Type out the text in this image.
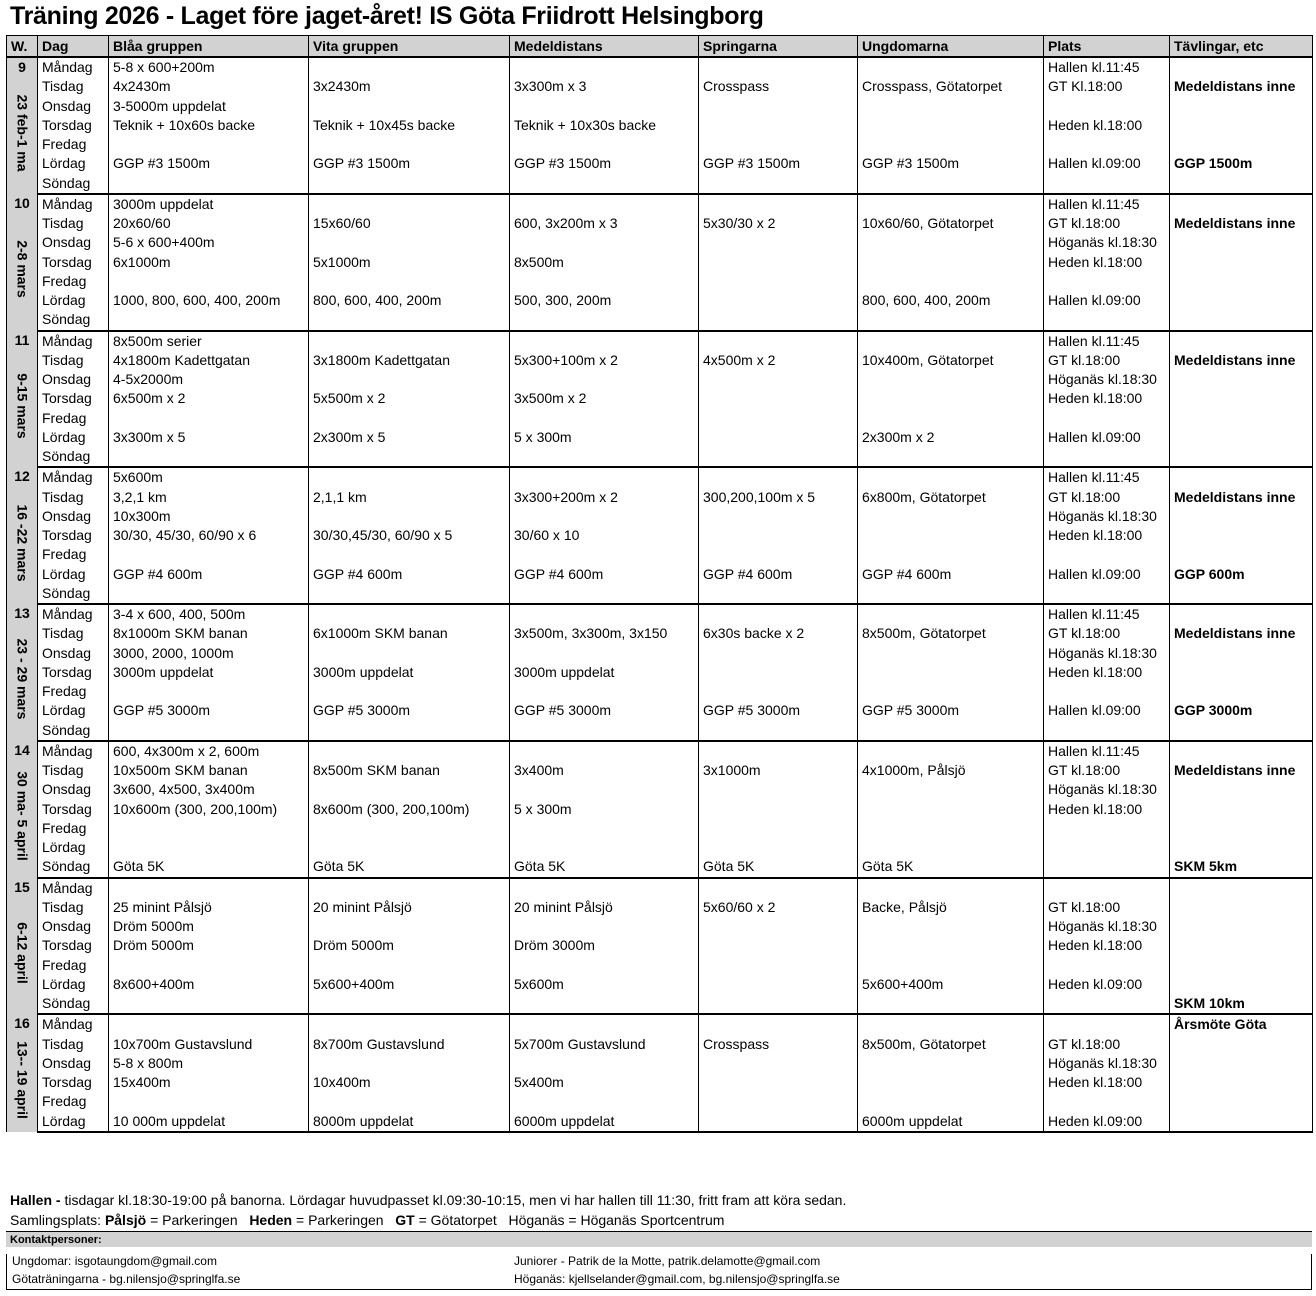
Träning 2026 - Laget före jaget-året! IS Göta Friidrott Helsingborg
W.	Dag	Blåa gruppen	Vita gruppen	Medeldistans	Springarna	Ungdomarna	Plats	Tävlingar, etc

9
23 feb-1 ma	Måndag	5-8 x 600+200m					Hallen kl.11:45	
	Tisdag	4x2430m	3x2430m	3x300m x 3	Crosspass	Crosspass, Götatorpet	GT Kl.18:00	Medeldistans inne
	Onsdag	3-5000m uppdelat						
	Torsdag	Teknik + 10x60s backe	Teknik + 10x45s backe	Teknik + 10x30s backe			Heden kl.18:00	
	Fredag							
	Lördag	GGP #3 1500m	GGP #3 1500m	GGP #3 1500m	GGP #3 1500m	GGP #3 1500m	Hallen kl.09:00	GGP 1500m
	Söndag							

10
2-8 mars	Måndag	3000m uppdelat					Hallen kl.11:45	
	Tisdag	20x60/60	15x60/60	600, 3x200m x 3	5x30/30 x 2	10x60/60, Götatorpet	GT kl.18:00	Medeldistans inne
	Onsdag	5-6 x 600+400m					Höganäs kl.18:30	
	Torsdag	6x1000m	5x1000m	8x500m			Heden kl.18:00	
	Fredag							
	Lördag	1000, 800, 600, 400, 200m	800, 600, 400, 200m	500, 300, 200m		800, 600, 400, 200m	Hallen kl.09:00	
	Söndag							

11
9-15 mars	Måndag	8x500m serier					Hallen kl.11:45	
	Tisdag	4x1800m Kadettgatan	3x1800m Kadettgatan	5x300+100m x 2	4x500m x 2	10x400m, Götatorpet	GT kl.18:00	Medeldistans inne
	Onsdag	4-5x2000m					Höganäs kl.18:30	
	Torsdag	6x500m x 2	5x500m x 2	3x500m x 2			Heden kl.18:00	
	Fredag							
	Lördag	3x300m x 5	2x300m x 5	5 x 300m		2x300m x 2	Hallen kl.09:00	
	Söndag							

12
16 -22 mars	Måndag	5x600m					Hallen kl.11:45	
	Tisdag	3,2,1 km	2,1,1 km	3x300+200m x 2	300,200,100m x 5	6x800m, Götatorpet	GT kl.18:00	Medeldistans inne
	Onsdag	10x300m					Höganäs kl.18:30	
	Torsdag	30/30, 45/30, 60/90 x 6	30/30,45/30, 60/90 x 5	30/60 x 10			Heden kl.18:00	
	Fredag							
	Lördag	GGP #4 600m	GGP #4 600m	GGP #4 600m	GGP #4 600m	GGP #4 600m	Hallen kl.09:00	GGP 600m
	Söndag							

13
23 - 29 mars	Måndag	3-4 x 600, 400, 500m					Hallen kl.11:45	
	Tisdag	8x1000m SKM banan	6x1000m SKM banan	3x500m, 3x300m, 3x150	6x30s backe x 2	8x500m, Götatorpet	GT kl.18:00	Medeldistans inne
	Onsdag	3000, 2000, 1000m					Höganäs kl.18:30	
	Torsdag	3000m uppdelat	3000m uppdelat	3000m uppdelat			Heden kl.18:00	
	Fredag							
	Lördag	GGP #5 3000m	GGP #5 3000m	GGP #5 3000m	GGP #5 3000m	GGP #5 3000m	Hallen kl.09:00	GGP 3000m
	Söndag							

14
30 ma- 5 april	Måndag	600, 4x300m x 2, 600m					Hallen kl.11:45	
	Tisdag	10x500m SKM banan	8x500m SKM banan	3x400m	3x1000m	4x1000m, Pålsjö	GT kl.18:00	Medeldistans inne
	Onsdag	3x600, 4x500, 3x400m					Höganäs kl.18:30	
	Torsdag	10x600m (300, 200,100m)	8x600m (300, 200,100m)	5 x 300m			Heden kl.18:00	
	Fredag							
	Lördag							
	Söndag	Göta 5K	Göta 5K	Göta 5K	Göta 5K	Göta 5K		SKM 5km

15
6-12 april	Måndag							
	Tisdag	25 minint Pålsjö	20 minint Pålsjö	20 minint Pålsjö	5x60/60 x 2	Backe, Pålsjö	GT kl.18:00	
	Onsdag	Dröm 5000m					Höganäs kl.18:30	
	Torsdag	Dröm 5000m	Dröm 5000m	Dröm 3000m			Heden kl.18:00	
	Fredag							
	Lördag	8x600+400m	5x600+400m	5x600m		5x600+400m	Heden kl.09:00	
	Söndag							SKM 10km

16
13-- 19 april	Måndag							Årsmöte Göta
	Tisdag	10x700m Gustavslund	8x700m Gustavslund	5x700m Gustavslund	Crosspass	8x500m, Götatorpet	GT kl.18:00	
	Onsdag	5-8 x 800m					Höganäs kl.18:30	
	Torsdag	15x400m	10x400m	5x400m			Heden kl.18:00	
	Fredag							
	Lördag	10 000m uppdelat	8000m uppdelat	6000m uppdelat		6000m uppdelat	Heden kl.09:00	
Hallen - tisdagar kl.18:30-19:00 på banorna. Lördagar huvudpasset kl.09:30-10:15, men vi har hallen till 11:30, fritt fram att köra sedan.
Samlingsplats: Pålsjö = Parkeringen   Heden = Parkeringen   GT = Götatorpet   Höganäs = Höganäs Sportcentrum
Kontaktpersoner:
Ungdomar: isgotaungdom@gmail.com
Götaträningarna - bg.nilensjo@springlfa.se
Juniorer - Patrik de la Motte, patrik.delamotte@gmail.com
Höganäs: kjellselander@gmail.com, bg.nilensjo@springlfa.se
